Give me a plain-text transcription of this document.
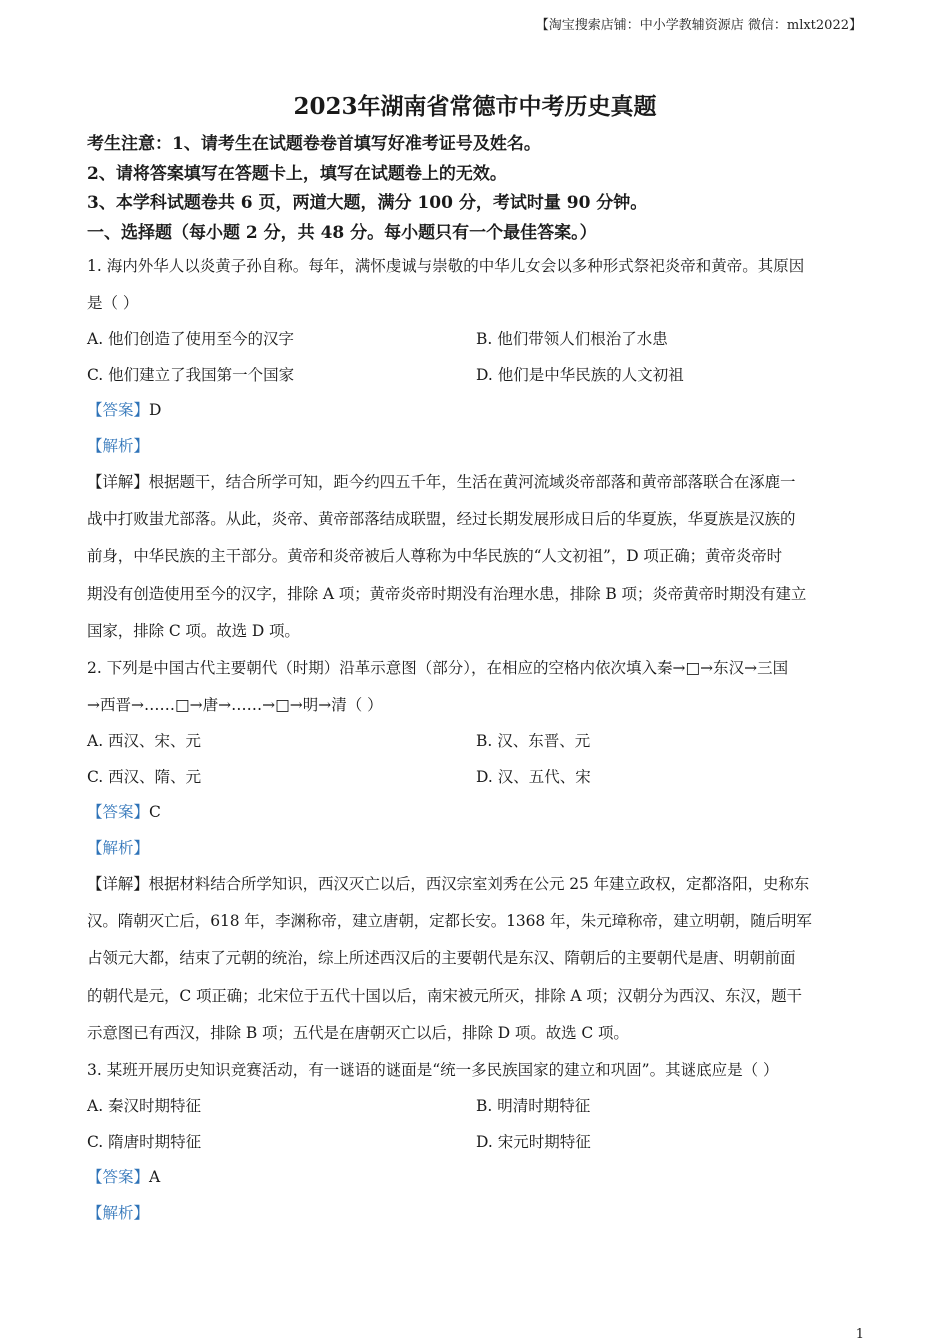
【淘宝搜索店铺：中小学教辅资源店 微信：mlxt2022】
2023年湖南省常德市中考历史真题

考生注意：1、请考生在试题卷卷首填写好准考证号及姓名。

2、请将答案填写在答题卡上，填写在试题卷上的无效。

3、本学科试题卷共 6 页，两道大题，满分 100 分，考试时量 90 分钟。

一、选择题（每小题 2 分，共 48 分。每小题只有一个最佳答案。）

1. 海内外华人以炎黄子孙自称。每年，满怀虔诚与崇敬的中华儿女会以多种形式祭祀炎帝和黄帝。其原因

是（ ）

A. 他们创造了使用至今的汉字	B. 他们带领人们根治了水患
C. 他们建立了我国第一个国家	D. 他们是中华民族的人文初祖

【答案】D

【解析】

【详解】根据题干，结合所学可知，距今约四五千年，生活在黄河流域炎帝部落和黄帝部落联合在涿鹿一

战中打败蚩尤部落。从此，炎帝、黄帝部落结成联盟，经过长期发展形成日后的华夏族，华夏族是汉族的

前身，中华民族的主干部分。黄帝和炎帝被后人尊称为中华民族的“人文初祖”，D 项正确；黄帝炎帝时

期没有创造使用至今的汉字，排除 A 项；黄帝炎帝时期没有治理水患，排除 B 项；炎帝黄帝时期没有建立

国家，排除 C 项。故选 D 项。

2. 下列是中国古代主要朝代（时期）沿革示意图（部分），在相应的空格内依次填入秦→□→东汉→三国

→西晋→……□→唐→……→□→明→清（ ）

A. 西汉、宋、元	B. 汉、东晋、元
C. 西汉、隋、元	D. 汉、五代、宋

【答案】C

【解析】

【详解】根据材料结合所学知识，西汉灭亡以后，西汉宗室刘秀在公元 25 年建立政权，定都洛阳，史称东

汉。隋朝灭亡后，618 年，李渊称帝，建立唐朝，定都长安。1368 年，朱元璋称帝，建立明朝，随后明军

占领元大都，结束了元朝的统治，综上所述西汉后的主要朝代是东汉、隋朝后的主要朝代是唐、明朝前面

的朝代是元，C 项正确；北宋位于五代十国以后，南宋被元所灭，排除 A 项；汉朝分为西汉、东汉，题干

示意图已有西汉，排除 B 项；五代是在唐朝灭亡以后，排除 D 项。故选 C 项。

3. 某班开展历史知识竞赛活动，有一谜语的谜面是“统一多民族国家的建立和巩固”。其谜底应是（ ）

A. 秦汉时期特征	B. 明清时期特征
C. 隋唐时期特征	D. 宋元时期特征

【答案】A

【解析】

1
